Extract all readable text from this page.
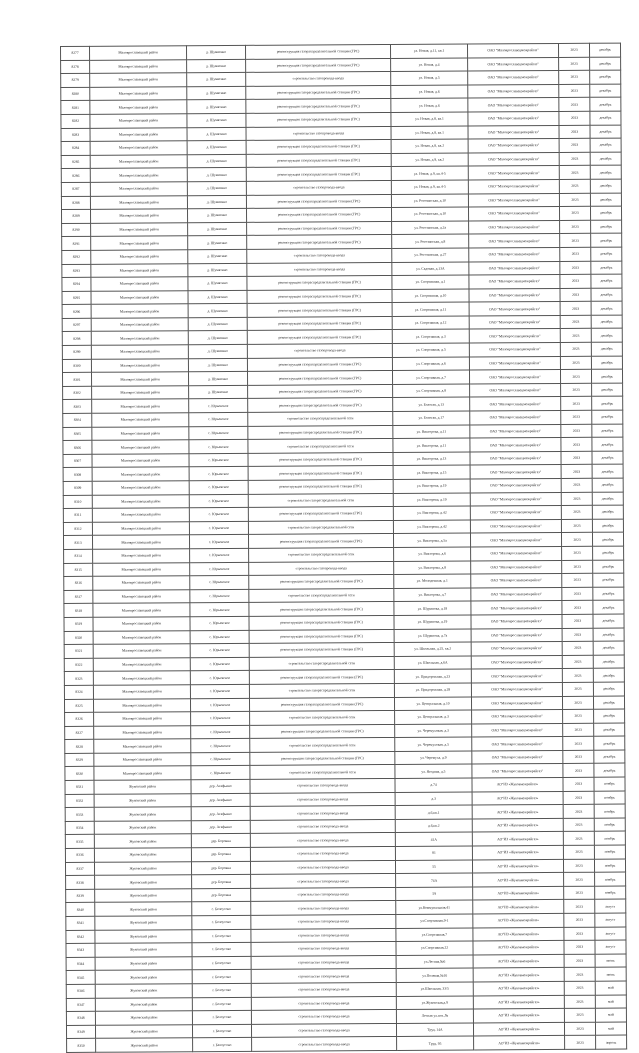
8277	Малоярославецкий район	д. Шумятино	реконструкция газораспределительной станции (ГРС)	ул. Новая, д.11, кв.1	ОАО "Малоярославецмежрайгаз"	2023	декабрь
8278	Малоярославецкий район	д. Шумятино	реконструкция газораспределительной станции (ГРС)	ул. Новая, д.4	ОАО "Малоярославецмежрайгаз"	2023	декабрь
8279	Малоярославецкий район	д. Шумятино	строительство газопровода-ввода	ул. Новая, д.5	ОАО "Малоярославецмежрайгаз"	2023	декабрь
8280	Малоярославецкий район	д. Шумятино	реконструкция газораспределительной станции (ГРС)	ул. Новая, д.6	ОАО "Малоярославецмежрайгаз"	2023	декабрь
8281	Малоярославецкий район	д. Шумятино	реконструкция газораспределительной станции (ГРС)	ул. Новая, д.6	ОАО "Малоярославецмежрайгаз"	2023	декабрь
8282	Малоярославецкий район	д. Шумятино	реконструкция газораспределительной станции (ГРС)	ул. Новая, д.8, кв.1	ОАО "Малоярославецмежрайгаз"	2023	декабрь
8283	Малоярославецкий район	д. Шумятино	строительство газопровода-ввода	ул. Новая, д.8, кв.1	ОАО "Малоярославецмежрайгаз"	2023	декабрь
8284	Малоярославецкий район	д. Шумятино	реконструкция газораспределительной станции (ГРС)	ул. Новая, д.8, кв.2	ОАО "Малоярославецмежрайгаз"	2023	декабрь
8285	Малоярославецкий район	д. Шумятино	реконструкция газораспределительной станции (ГРС)	ул. Новая, д.9, кв.2	ОАО "Малоярославецмежрайгаз"	2023	декабрь
8286	Малоярославецкий район	д. Шумятино	реконструкция газораспределительной станции (ГРС)	ул. Новая, д.9, кв.4-5	ОАО "Малоярославецмежрайгаз"	2023	декабрь
8287	Малоярославецкий район	д. Шумятино	строительство газопровода-ввода	ул. Новая, д.9, кв.4-5	ОАО "Малоярославецмежрайгаз"	2023	декабрь
8288	Малоярославецкий район	д. Шумятино	реконструкция газораспределительной станции (ГРС)	ул. Рогозинская, д.10	ОАО "Малоярославецмежрайгаз"	2023	декабрь
8289	Малоярославецкий район	д. Шумятино	реконструкция газораспределительной станции (ГРС)	ул. Рогозинская, д.10	ОАО "Малоярославецмежрайгаз"	2023	декабрь
8290	Малоярославецкий район	д. Шумятино	реконструкция газораспределительной станции (ГРС)	ул. Рогозинская, д.2а	ОАО "Малоярославецмежрайгаз"	2023	декабрь
8291	Малоярославецкий район	д. Шумятино	реконструкция газораспределительной станции (ГРС)	ул. Рогозинская, д.8	ОАО "Малоярославецмежрайгаз"	2023	декабрь
8292	Малоярославецкий район	д. Шумятино	строительство газопровода-ввода	ул. Рогозинская, д.27	ОАО "Малоярославецмежрайгаз"	2023	декабрь
8293	Малоярославецкий район	д. Шумятино	строительство газопровода-ввода	ул. Садовая, д.13А	ОАО "Малоярославецмежрайгаз"	2023	декабрь
8294	Малоярославецкий район	д. Шумятино	реконструкция газораспределительной станции (ГРС)	ул. Спортивная, д.1	ОАО "Малоярославецмежрайгаз"	2023	декабрь
8295	Малоярославецкий район	д. Шумятино	реконструкция газораспределительной станции (ГРС)	ул. Спортивная, д.10	ОАО "Малоярославецмежрайгаз"	2023	декабрь
8296	Малоярославецкий район	д. Шумятино	реконструкция газораспределительной станции (ГРС)	ул. Спортивная, д.11	ОАО "Малоярославецмежрайгаз"	2023	декабрь
8297	Малоярославецкий район	д. Шумятино	реконструкция газораспределительной станции (ГРС)	ул. Спортивная, д.12	ОАО "Малоярославецмежрайгаз"	2023	декабрь
8298	Малоярославецкий район	д. Шумятино	реконструкция газораспределительной станции (ГРС)	ул. Спортивная, д.3	ОАО "Малоярославецмежрайгаз"	2023	декабрь
8299	Малоярославецкий район	д. Шумятино	строительство газопровода-ввода	ул. Спортивная, д.5	ОАО "Малоярославецмежрайгаз"	2023	декабрь
8300	Малоярославецкий район	д. Шумятино	реконструкция газораспределительной станции (ГРС)	ул. Спортивная, д.6	ОАО "Малоярославецмежрайгаз"	2023	декабрь
8301	Малоярославецкий район	д. Шумятино	реконструкция газораспределительной станции (ГРС)	ул. Спортивная, д.7	ОАО "Малоярославецмежрайгаз"	2023	декабрь
8302	Малоярославецкий район	д. Шумятино	реконструкция газораспределительной станции (ГРС)	ул. Спортивная, д.8	ОАО "Малоярославецмежрайгаз"	2023	декабрь
8303	Малоярославецкий район	с. Юрьевское	реконструкция газораспределительной станции (ГРС)	ул. Бологая, д.13	ОАО "Малоярославецмежрайгаз"	2023	декабрь
8304	Малоярославецкий район	с. Юрьевское	строительство газораспределительной сети	ул. Бологая, д.17	ОАО "Малоярославецмежрайгаз"	2023	декабрь
8305	Малоярославецкий район	с. Юрьевское	реконструкция газораспределительной станции (ГРС)	ул. Викторова, д.11	ОАО "Малоярославецмежрайгаз"	2023	декабрь
8306	Малоярославецкий район	с. Юрьевское	строительство газораспределительной сети	ул. Викторова, д.11	ОАО "Малоярославецмежрайгаз"	2023	декабрь
8307	Малоярославецкий район	с. Юрьевское	реконструкция газораспределительной станции (ГРС)	ул. Викторова, д.13	ОАО "Малоярославецмежрайгаз"	2023	декабрь
8308	Малоярославецкий район	с. Юрьевское	реконструкция газораспределительной станции (ГРС)	ул. Викторова, д.15	ОАО "Малоярославецмежрайгаз"	2023	декабрь
8309	Малоярославецкий район	с. Юрьевское	реконструкция газораспределительной станции (ГРС)	ул. Викторова, д.19	ОАО "Малоярославецмежрайгаз"	2023	декабрь
8310	Малоярославецкий район	с. Юрьевское	строительство газораспределительной сети	ул. Викторова, д.19	ОАО "Малоярославецмежрайгаз"	2023	декабрь
8311	Малоярославецкий район	с. Юрьевское	реконструкция газораспределительной станции (ГРС)	ул. Викторова, д.42	ОАО "Малоярославецмежрайгаз"	2023	декабрь
8312	Малоярославецкий район	с. Юрьевское	строительство газораспределительной сети	ул. Викторова, д.42	ОАО "Малоярославецмежрайгаз"	2023	декабрь
8313	Малоярославецкий район	с. Юрьевское	реконструкция газораспределительной станции (ГРС)	ул. Викторова, д.5а	ОАО "Малоярославецмежрайгаз"	2023	декабрь
8314	Малоярославецкий район	с. Юрьевское	строительство газораспределительной сети	ул. Викторова, д.6	ОАО "Малоярославецмежрайгаз"	2023	декабрь
8315	Малоярославецкий район	с. Юрьевское	строительство газопровода-ввода	ул. Викторова, д.8	ОАО "Малоярославецмежрайгаз"	2023	декабрь
8316	Малоярославецкий район	с. Юрьевское	реконструкция газораспределительной станции (ГРС)	ул. Молодежная, д.1	ОАО "Малоярославецмежрайгаз"	2023	декабрь
8317	Малоярославецкий район	с. Юрьевское	строительство газораспределительной сети	ул. Викторова, д.7	ОАО "Малоярославецмежрайгаз"	2023	декабрь
8318	Малоярославецкий район	с. Юрьевское	реконструкция газораспределительной станции (ГРС)	ул. Шуринова, д.18	ОАО "Малоярославецмежрайгаз"	2023	декабрь
8319	Малоярославецкий район	с. Юрьевское	реконструкция газораспределительной станции (ГРС)	ул. Шуринова, д.19	ОАО "Малоярославецмежрайгаз"	2023	декабрь
8320	Малоярославецкий район	с. Юрьевское	реконструкция газораспределительной станции (ГРС)	ул. Шуринова, д.7а	ОАО "Малоярославецмежрайгаз"	2023	декабрь
8321	Малоярославецкий район	с. Юрьевское	реконструкция газораспределительной станции (ГРС)	ул. Школьная, д.25, кв.2	ОАО "Малоярославецмежрайгаз"	2023	декабрь
8322	Малоярославецкий район	с. Юрьевское	строительство газораспределительной сети	ул. Школьная, д.6А	ОАО "Малоярославецмежрайгаз"	2023	декабрь
8323	Малоярославецкий район	с. Юрьевское	реконструкция газораспределительной станции (ГРС)	ул. Придорожная, д.23	ОАО "Малоярославецмежрайгаз"	2023	декабрь
8324	Малоярославецкий район	с. Юрьевское	строительство газораспределительной сети	ул. Придорожная, д.28	ОАО "Малоярославецмежрайгаз"	2023	декабрь
8325	Малоярославецкий район	с. Юрьевское	реконструкция газораспределительной станции (ГРС)	ул. Центральная, д.10	ОАО "Малоярославецмежрайгаз"	2023	декабрь
8326	Малоярославецкий район	с. Юрьевское	строительство газораспределительной сети	ул. Центральная, д.3	ОАО "Малоярославецмежрайгаз"	2023	декабрь
8327	Малоярославецкий район	с. Юрьевское	реконструкция газораспределительной станции (ГРС)	ул. Черемуховая, д.3	ОАО "Малоярославецмежрайгаз"	2023	декабрь
8328	Малоярославецкий район	с. Юрьевское	строительство газораспределительной сети	ул. Черемуховая, д.5	ОАО "Малоярославецмежрайгаз"	2023	декабрь
8329	Малоярославецкий район	с. Юрьевское	реконструкция газораспределительной станции (ГРС)	ул. Черемуха, д.9	ОАО "Малоярославецмежрайгаз"	2023	декабрь
8330	Малоярославецкий район	с. Юрьевское	строительство газораспределительной сети	ул. Ягодная, д.5	ОАО "Малоярославецмежрайгаз"	2023	декабрь
8331	Жуковский район	дер. Агафьино	строительство газопровода-ввода	д.74	АО"ИЗ «Жуковмежрайгаз»	2023	ноябрь
8332	Жуковский район	дер. Агафьино	строительство газопровода-ввода	д.3	АО"ИЗ «Жуковмежрайгаз»	2023	ноябрь
8333	Жуковский район	дер. Агафьино	строительство газопровода-ввода	д.6,кв.1	АО"ИЗ «Жуковмежрайгаз»	2023	ноябрь
8334	Жуковский район	дер. Агафьино	строительство газопровода-ввода	д.6,кв.2	АО"ИЗ «Жуковмежрайгаз»	2023	ноябрь
8335	Жуковский район	дер. Боровна	строительство газопровода-ввода	41А	АО"ИЗ «Жуковмежрайгаз»	2023	ноябрь
8336	Жуковский район	дер. Боровна	строительство газопровода-ввода	81	АО"ИЗ «Жуковмежрайгаз»	2023	ноябрь
8337	Жуковский район	дер. Боровна	строительство газопровода-ввода	55	АО"ИЗ «Жуковмежрайгаз»	2023	ноябрь
8338	Жуковский район	дер. Боровна	строительство газопровода-ввода	74А	АО"ИЗ «Жуковмежрайгаз»	2023	ноябрь
8339	Жуковский район	дер. Боровна	строительство газопровода-ввода	59	АО"ИЗ «Жуковмежрайгаз»	2023	ноябрь
8340	Жуковский район	с. Белоусово	строительство газопровода-ввода	ул.Коммунальная,41	АО"ИЗ «Жуковмежрайгаз»	2023	август
8341	Жуковский район	с. Белоусово	строительство газопровода-ввода	ул.Спортивная,9-1	АО"ИЗ «Жуковмежрайгаз»	2023	август
8342	Жуковский район	с. Белоусово	строительство газопровода-ввода	ул.Спортивная,7	АО"ИЗ «Жуковмежрайгаз»	2023	август
8343	Жуковский район	с. Белоусово	строительство газопровода-ввода	ул.Спортивная,22	АО"ИЗ «Жуковмежрайгаз»	2023	август
8344	Жуковский район	г. Белоусово	строительство газопровода-ввода	ул.Лесная,№6	АО"ИЗ «Жуковмежрайгаз»	2023	июнь
8345	Жуковский район	г. Белоусово	строительство газопровода-ввода	ул.Полевая,№16	АО"ИЗ «Жуковмежрайгаз»	2023	июнь
8346	Жуковский район	г. Белоусово	строительство газопровода-ввода	ул.Школьная, 33/5	АО"ИЗ «Жуковмежрайгаз»	2023	май
8347	Жуковский район	г. Белоусово	строительство газопровода-ввода	ул.Жуковская,д.9	АО"ИЗ «Жуковмежрайгаз»	2023	май
8348	Жуковский район	г. Белоусово	строительство газопровода-ввода	Лесная ул.поз.,№	АО"ИЗ «Жуковмежрайгаз»	2023	май
8349	Жуковский район	г. Белоусово	строительство газопровода-ввода	Труд, 14А	АО"ИЗ «Жуковмежрайгаз»	2023	май
8350	Жуковский район	г. Белоусово	строительство газопровода-ввода	Труд, 95	АО"ИЗ «Жуковмежрайгаз»	2023	апрель
